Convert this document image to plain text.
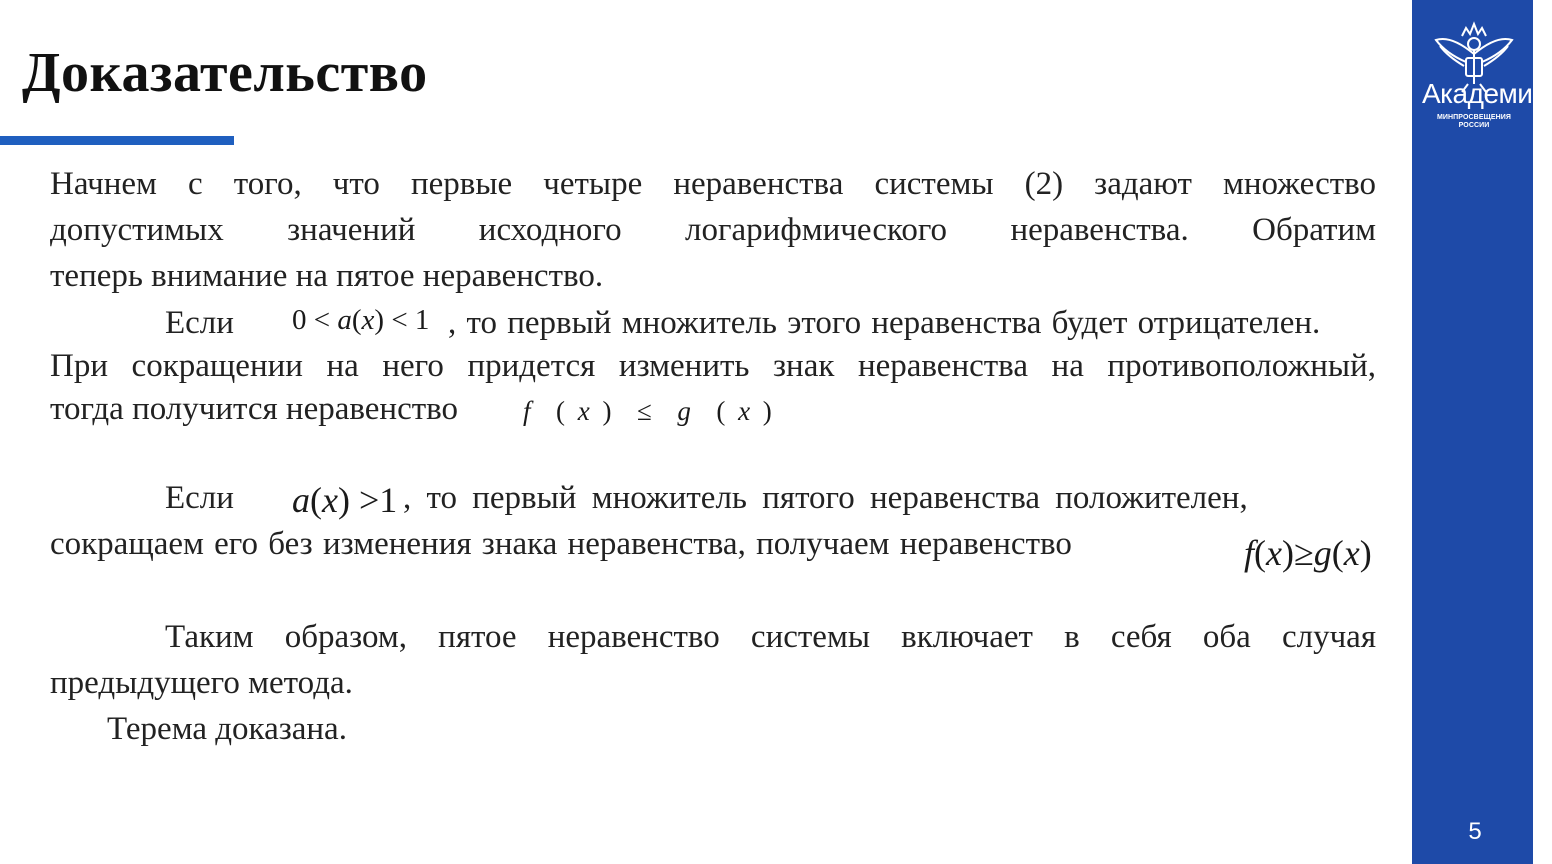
Доказательство	АкадемиЯ
МИНПРОСВЕЩЕНИЯ РОССИИ
5
Начнем с того, что первые четыре неравенства системы (2) задают множество
допустимых значений исходного логарифмического неравенства. Обратим
теперь внимание на пятое неравенство.
Если 0 < a(x) < 1 , то первый множитель этого неравенства будет отрицателен.
При сокращении на него придется изменить знак неравенства на противоположный,
тогда получится неравенство f  ( x )  ≤  g  ( x )
Если a(x) >1 , то первый множитель пятого неравенства положителен,
сокращаем его без изменения знака неравенства, получаем неравенство	f(x)≥g(x)
Таким образом, пятое неравенство системы включает в себя оба случая
предыдущего метода.
Терема доказана.
